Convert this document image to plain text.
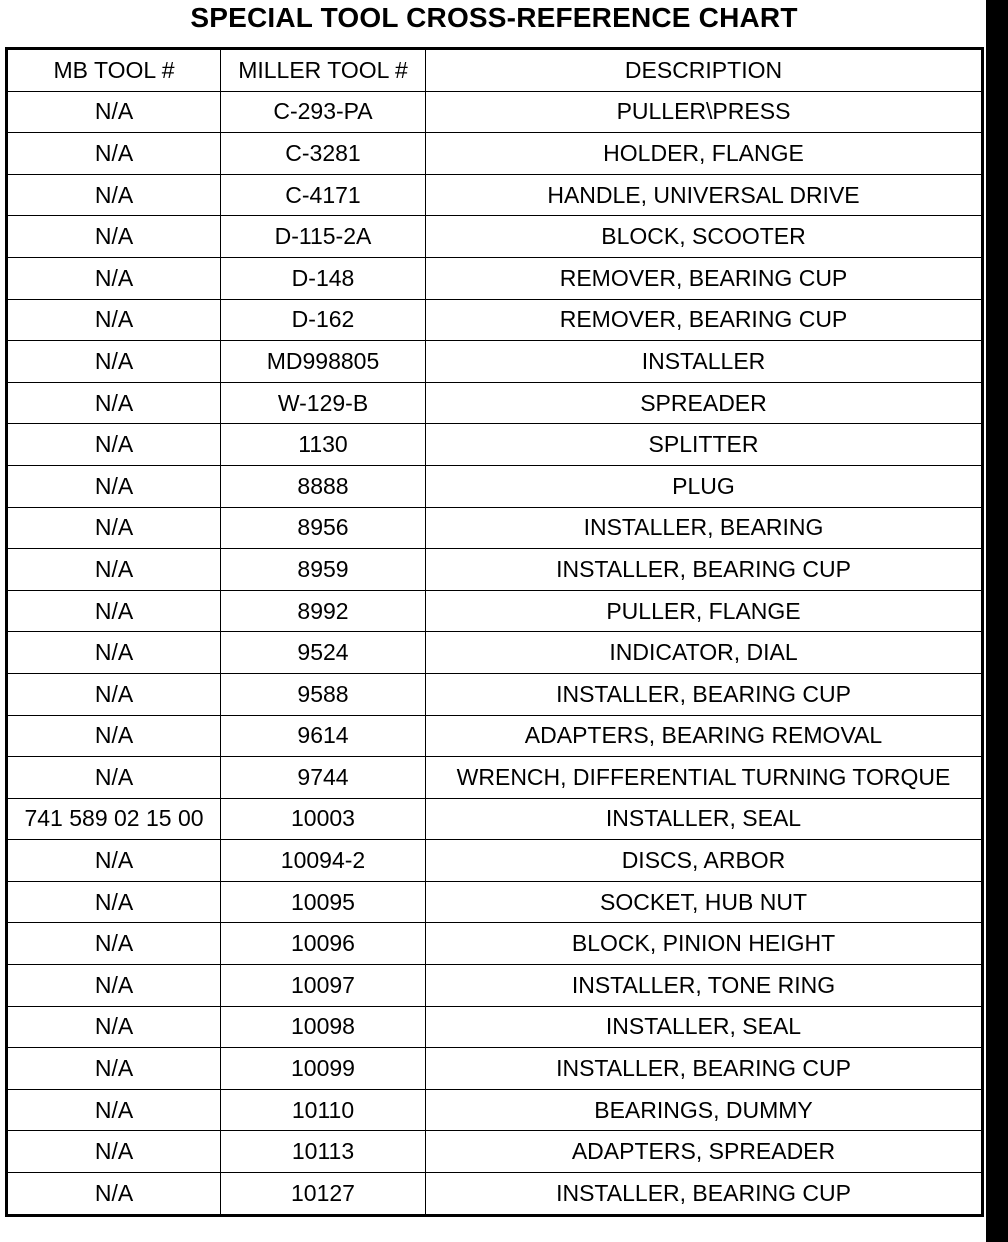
SPECIAL TOOL CROSS-REFERENCE CHART
MB TOOL #	MILLER TOOL #	DESCRIPTION
N/A	C-293-PA	PULLER\PRESS
N/A	C-3281	HOLDER, FLANGE
N/A	C-4171	HANDLE, UNIVERSAL DRIVE
N/A	D-115-2A	BLOCK, SCOOTER
N/A	D-148	REMOVER, BEARING CUP
N/A	D-162	REMOVER, BEARING CUP
N/A	MD998805	INSTALLER
N/A	W-129-B	SPREADER
N/A	1130	SPLITTER
N/A	8888	PLUG
N/A	8956	INSTALLER, BEARING
N/A	8959	INSTALLER, BEARING CUP
N/A	8992	PULLER, FLANGE
N/A	9524	INDICATOR, DIAL
N/A	9588	INSTALLER, BEARING CUP
N/A	9614	ADAPTERS, BEARING REMOVAL
N/A	9744	WRENCH, DIFFERENTIAL TURNING TORQUE
741 589 02 15 00	10003	INSTALLER, SEAL
N/A	10094-2	DISCS, ARBOR
N/A	10095	SOCKET, HUB NUT
N/A	10096	BLOCK, PINION HEIGHT
N/A	10097	INSTALLER, TONE RING
N/A	10098	INSTALLER, SEAL
N/A	10099	INSTALLER, BEARING CUP
N/A	10110	BEARINGS, DUMMY
N/A	10113	ADAPTERS, SPREADER
N/A	10127	INSTALLER, BEARING CUP
